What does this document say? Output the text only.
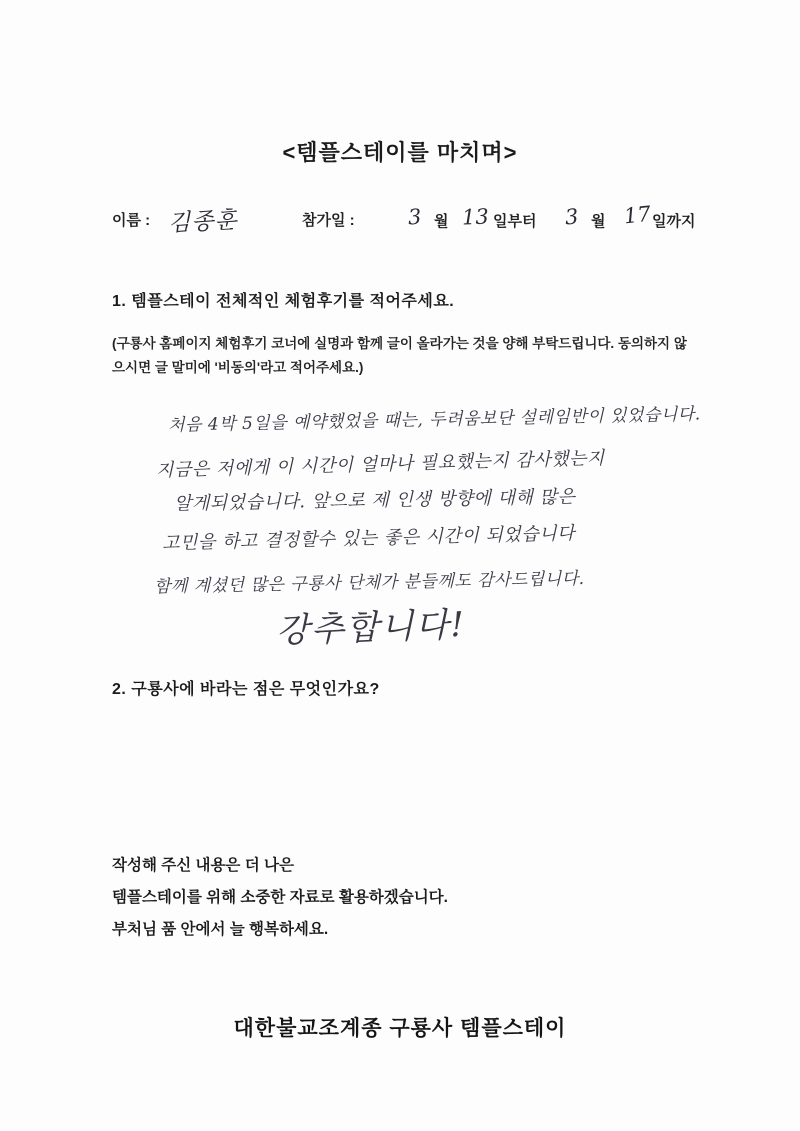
<템플스테이를 마치며>
이름 : 김종훈	참가일 :	3 월 13 일부터 3 월 17 일까지
1. 템플스테이 전체적인 체험후기를 적어주세요.
(구룡사 홈페이지 체험후기 코너에 실명과 함께 글이 올라가는 것을 양해 부탁드립니다. 동의하지 않으시면 글 말미에 '비동의'라고 적어주세요.)
처음 4박 5일을 예약했었을 때는, 두려움보단 설레임반이 있었습니다.
지금은 저에게 이 시간이 얼마나 필요했는지 감사했는지
알게되었습니다. 앞으로 제 인생 방향에 대해 많은
고민을 하고 결정할수 있는 좋은 시간이 되었습니다
함께 계셨던 많은 구룡사 단체가 분들께도 감사드립니다.
강추합니다!
2. 구룡사에 바라는 점은 무엇인가요?
작성해 주신 내용은 더 나은
템플스테이를 위해 소중한 자료로 활용하겠습니다.
부처님 품 안에서 늘 행복하세요.
대한불교조계종 구룡사 템플스테이
